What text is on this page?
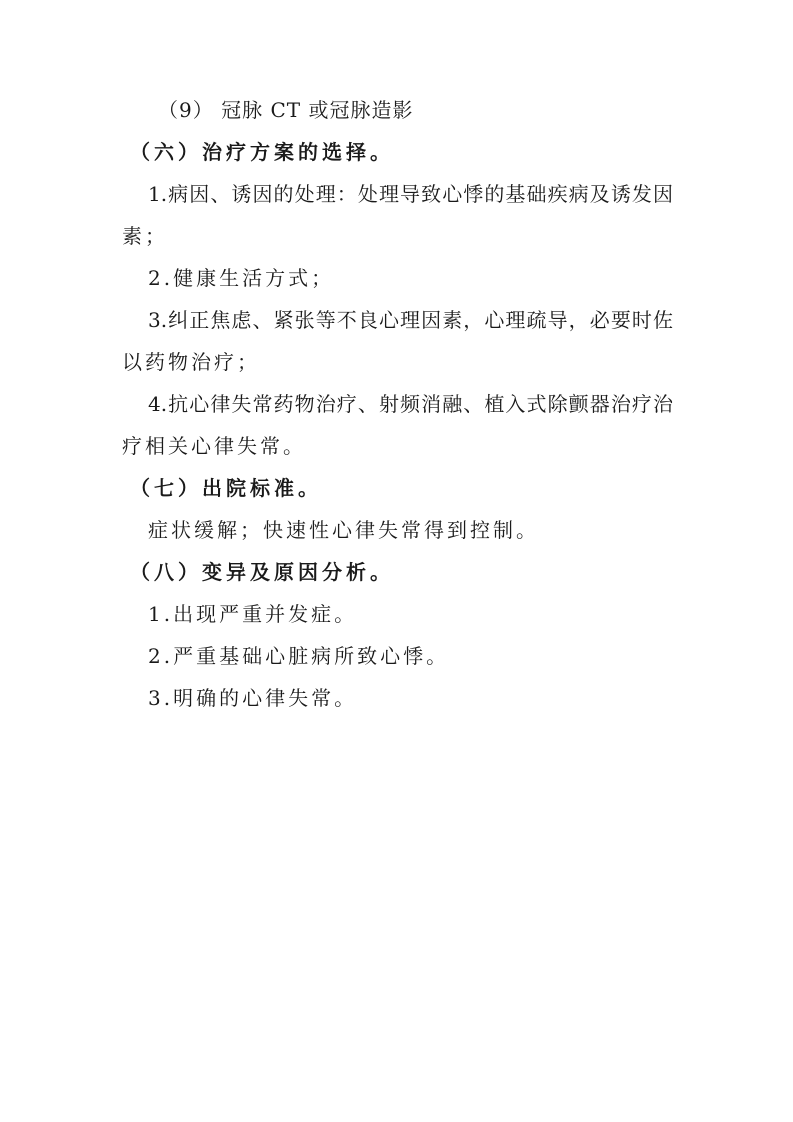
（9） 冠脉 CT 或冠脉造影
（六）治疗方案的选择。
1.病因、诱因的处理：处理导致心悸的基础疾病及诱发因
素；
2.健康生活方式；
3.纠正焦虑、紧张等不良心理因素，心理疏导，必要时佐
以药物治疗；
4.抗心律失常药物治疗、射频消融、植入式除颤器治疗治
疗相关心律失常。
（七）出院标准。
症状缓解；快速性心律失常得到控制。
（八）变异及原因分析。
1.出现严重并发症。
2.严重基础心脏病所致心悸。
3.明确的心律失常。
